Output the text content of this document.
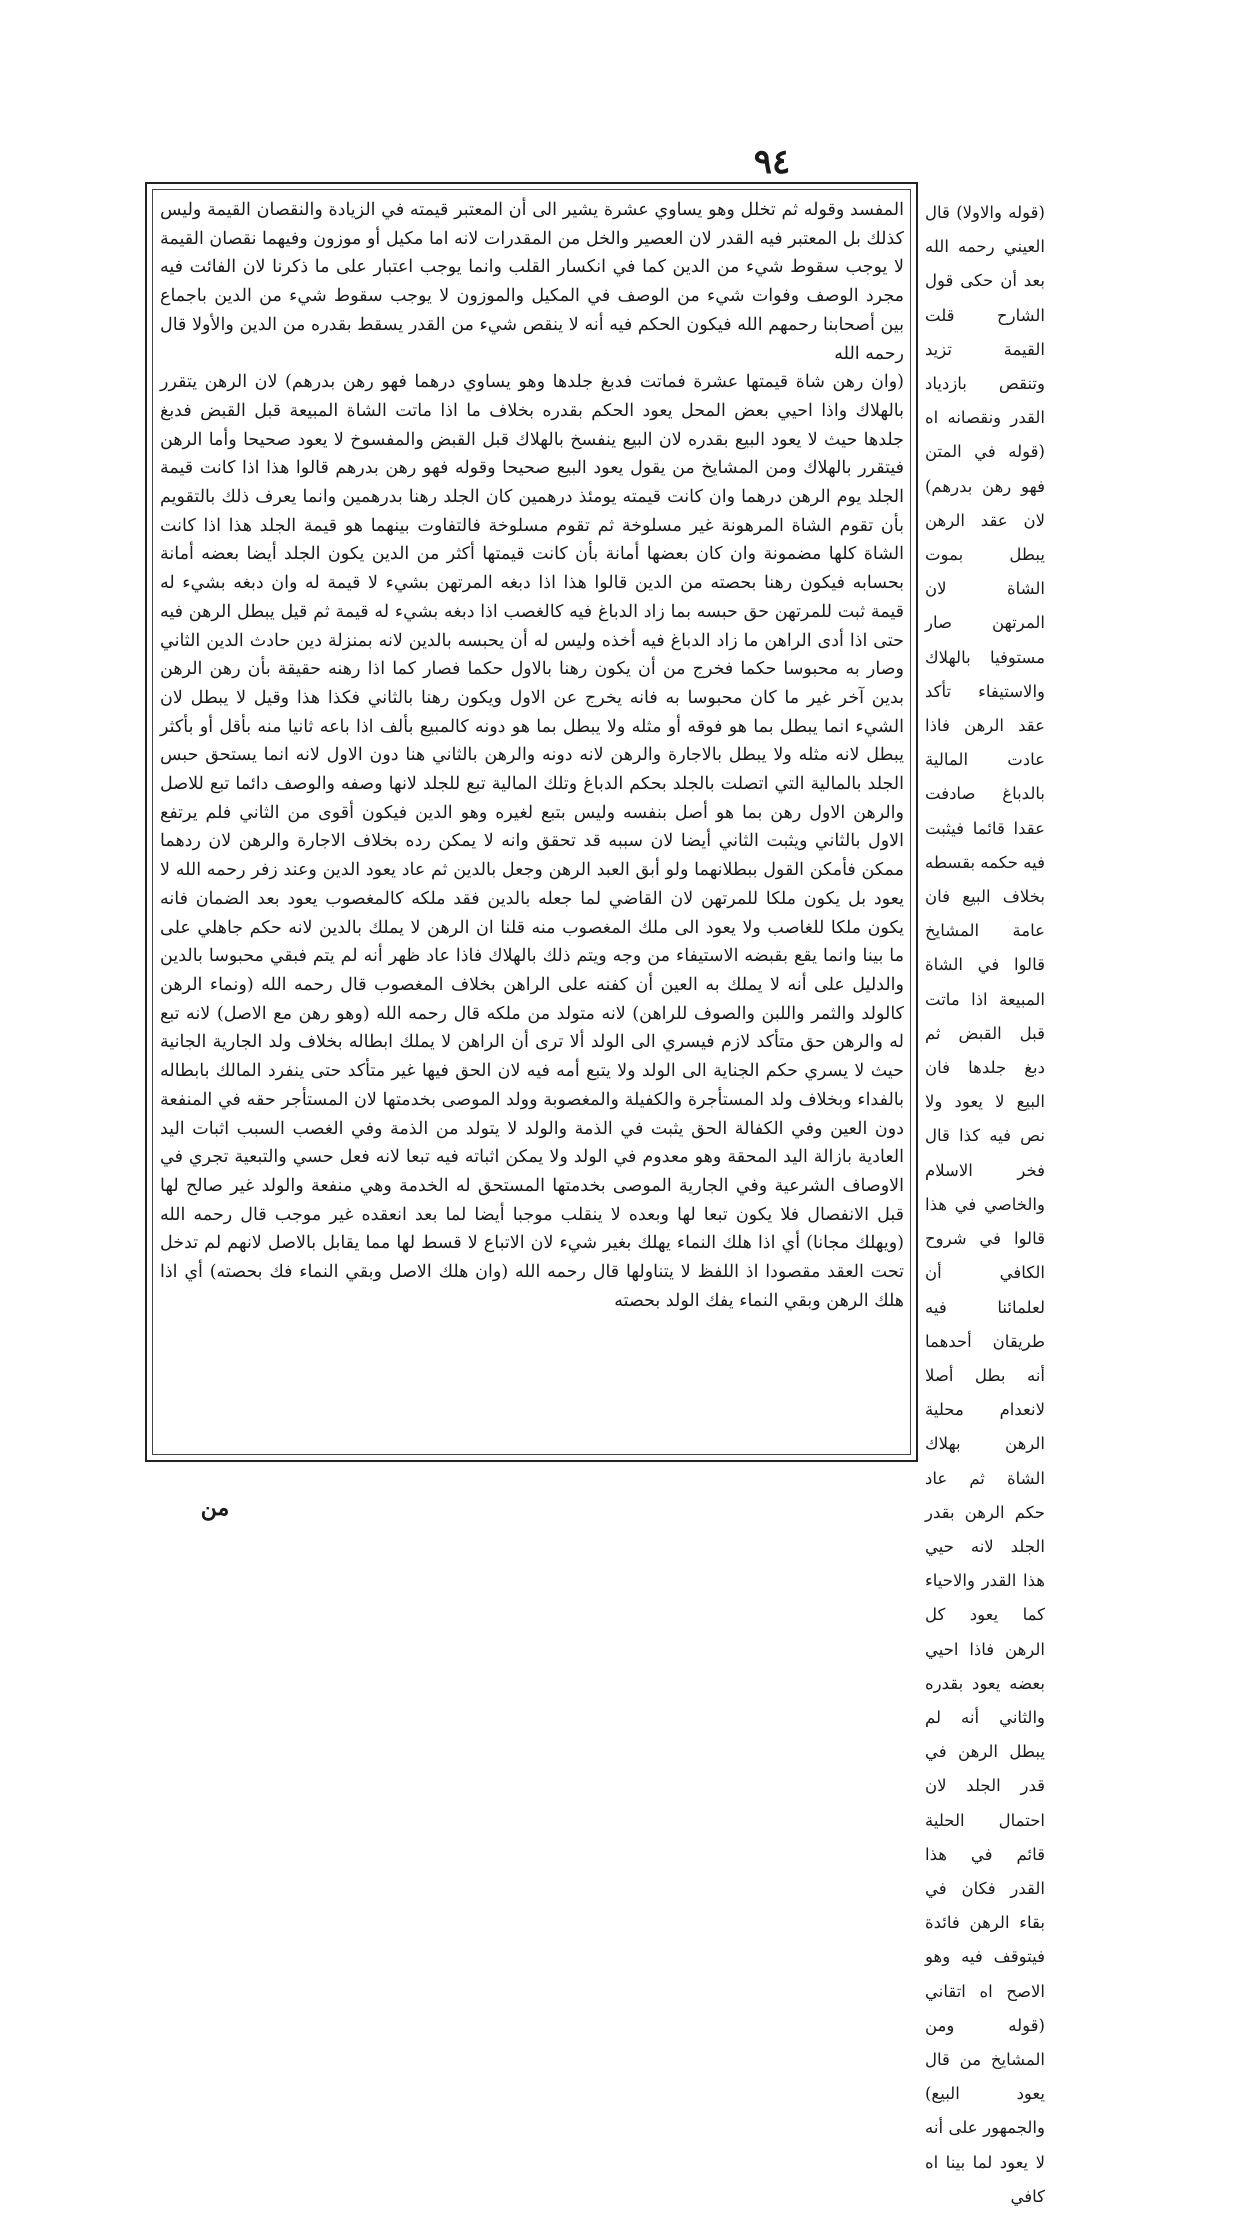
٩٤

المفسد وقوله ثم تخلل وهو يساوي عشرة يشير الى أن المعتبر قيمته في الزيادة والنقصان القيمة وليس كذلك بل المعتبر فيه القدر لان العصير والخل من المقدرات لانه اما مكيل أو موزون وفيهما نقصان القيمة لا يوجب سقوط شيء من الدين كما في انكسار القلب وانما يوجب اعتبار على ما ذكرنا لان الفائت فيه مجرد الوصف وفوات شيء من الوصف في المكيل والموزون لا يوجب سقوط شيء من الدين باجماع بين أصحابنا رحمهم الله فيكون الحكم فيه أنه لا ينقص شيء من القدر يسقط بقدره من الدين والأولا قال رحمه الله

(وان رهن شاة قيمتها عشرة فماتت فدبغ جلدها وهو يساوي درهما فهو رهن بدرهم) لان الرهن يتقرر بالهلاك واذا احيي بعض المحل يعود الحكم بقدره بخلاف ما اذا ماتت الشاة المبيعة قبل القبض فدبغ جلدها حيث لا يعود البيع بقدره لان البيع ينفسخ بالهلاك قبل القبض والمفسوخ لا يعود صحيحا وأما الرهن فيتقرر بالهلاك ومن المشايخ من يقول يعود البيع صحيحا وقوله فهو رهن بدرهم قالوا هذا اذا كانت قيمة الجلد يوم الرهن درهما وان كانت قيمته يومئذ درهمين كان الجلد رهنا بدرهمين وانما يعرف ذلك بالتقويم بأن تقوم الشاة المرهونة غير مسلوخة ثم تقوم مسلوخة فالتفاوت بينهما هو قيمة الجلد هذا اذا كانت الشاة كلها مضمونة وان كان بعضها أمانة بأن كانت قيمتها أكثر من الدين يكون الجلد أيضا بعضه أمانة بحسابه فيكون رهنا بحصته من الدين قالوا هذا اذا دبغه المرتهن بشيء لا قيمة له وان دبغه بشيء له قيمة ثبت للمرتهن حق حبسه بما زاد الدباغ فيه كالغصب اذا دبغه بشيء له قيمة ثم قيل يبطل الرهن فيه حتى اذا أدى الراهن ما زاد الدباغ فيه أخذه وليس له أن يحبسه بالدين لانه بمنزلة دين حادث الدين الثاني وصار به محبوسا حكما فخرج من أن يكون رهنا بالاول حكما فصار كما اذا رهنه حقيقة بأن رهن الرهن بدين آخر غير ما كان محبوسا به فانه يخرج عن الاول ويكون رهنا بالثاني فكذا هذا وقيل لا يبطل لان الشيء انما يبطل بما هو فوقه أو مثله ولا يبطل بما هو دونه كالمبيع بألف اذا باعه ثانيا منه بأقل أو بأكثر يبطل لانه مثله ولا يبطل بالاجارة والرهن لانه دونه والرهن بالثاني هنا دون الاول لانه انما يستحق حبس الجلد بالمالية التي اتصلت بالجلد بحكم الدباغ وتلك المالية تبع للجلد لانها وصفه والوصف دائما تبع للاصل والرهن الاول رهن بما هو أصل بنفسه وليس بتبع لغيره وهو الدين فيكون أقوى من الثاني فلم يرتفع الاول بالثاني ويثبت الثاني أيضا لان سببه قد تحقق وانه لا يمكن رده بخلاف الاجارة والرهن لان ردهما ممكن فأمكن القول ببطلانهما ولو أبق العبد الرهن وجعل بالدين ثم عاد يعود الدين وعند زفر رحمه الله لا يعود بل يكون ملكا للمرتهن لان القاضي لما جعله بالدين فقد ملكه كالمغصوب يعود بعد الضمان فانه يكون ملكا للغاصب ولا يعود الى ملك المغصوب منه قلنا ان الرهن لا يملك بالدين لانه حكم جاهلي على ما بينا وانما يقع بقبضه الاستيفاء من وجه ويتم ذلك بالهلاك فاذا عاد ظهر أنه لم يتم فبقي محبوسا بالدين والدليل على أنه لا يملك به العين أن كفنه على الراهن بخلاف المغصوب قال رحمه الله (ونماء الرهن كالولد والثمر واللبن والصوف للراهن) لانه متولد من ملكه قال رحمه الله (وهو رهن مع الاصل) لانه تبع له والرهن حق متأكد لازم فيسري الى الولد ألا ترى أن الراهن لا يملك ابطاله بخلاف ولد الجارية الجانية حيث لا يسري حكم الجناية الى الولد ولا يتبع أمه فيه لان الحق فيها غير متأكد حتى ينفرد المالك بابطاله بالفداء وبخلاف ولد المستأجرة والكفيلة والمغصوبة وولد الموصى بخدمتها لان المستأجر حقه في المنفعة دون العين وفي الكفالة الحق يثبت في الذمة والولد لا يتولد من الذمة وفي الغصب السبب اثبات اليد العادية بازالة اليد المحقة وهو معدوم في الولد ولا يمكن اثباته فيه تبعا لانه فعل حسي والتبعية تجري في الاوصاف الشرعية وفي الجارية الموصى بخدمتها المستحق له الخدمة وهي منفعة والولد غير صالح لها قبل الانفصال فلا يكون تبعا لها وبعده لا ينقلب موجبا أيضا لما بعد انعقده غير موجب قال رحمه الله (ويهلك مجانا) أي اذا هلك النماء يهلك بغير شيء لان الاتباع لا قسط لها مما يقابل بالاصل لانهم لم تدخل تحت العقد مقصودا اذ اللفظ لا يتناولها قال رحمه الله (وان هلك الاصل وبقي النماء فك بحصته) أي اذا هلك الرهن وبقي النماء يفك الولد بحصته

(قوله والاولا) قال العيني رحمه الله بعد أن حكى قول الشارح قلت القيمة تزيد وتنقص بازدياد القدر ونقصانه اه (قوله في المتن فهو رهن بدرهم) لان عقد الرهن يبطل بموت الشاة لان المرتهن صار مستوفيا بالهلاك والاستيفاء تأكد عقد الرهن فاذا عادت المالية بالدباغ صادفت عقدا قائما فيثبت فيه حكمه بقسطه بخلاف البيع فان عامة المشايخ قالوا في الشاة المبيعة اذا ماتت قبل القبض ثم دبغ جلدها فان البيع لا يعود ولا نص فيه كذا قال فخر الاسلام والخاصي في هذا قالوا في شروح الكافي أن لعلمائنا فيه طريقان أحدهما أنه بطل أصلا لانعدام محلية الرهن بهلاك الشاة ثم عاد حكم الرهن بقدر الجلد لانه حيي هذا القدر والاحياء كما يعود كل الرهن فاذا احيي بعضه يعود بقدره والثاني أنه لم يبطل الرهن في قدر الجلد لان احتمال الحلية قائم في هذا القدر فكان في بقاء الرهن فائدة فيتوقف فيه وهو الاصح اه اتقاني (قوله ومن المشايخ من قال يعود البيع) والجمهور على أنه لا يعود لما بينا اه كافي

من
